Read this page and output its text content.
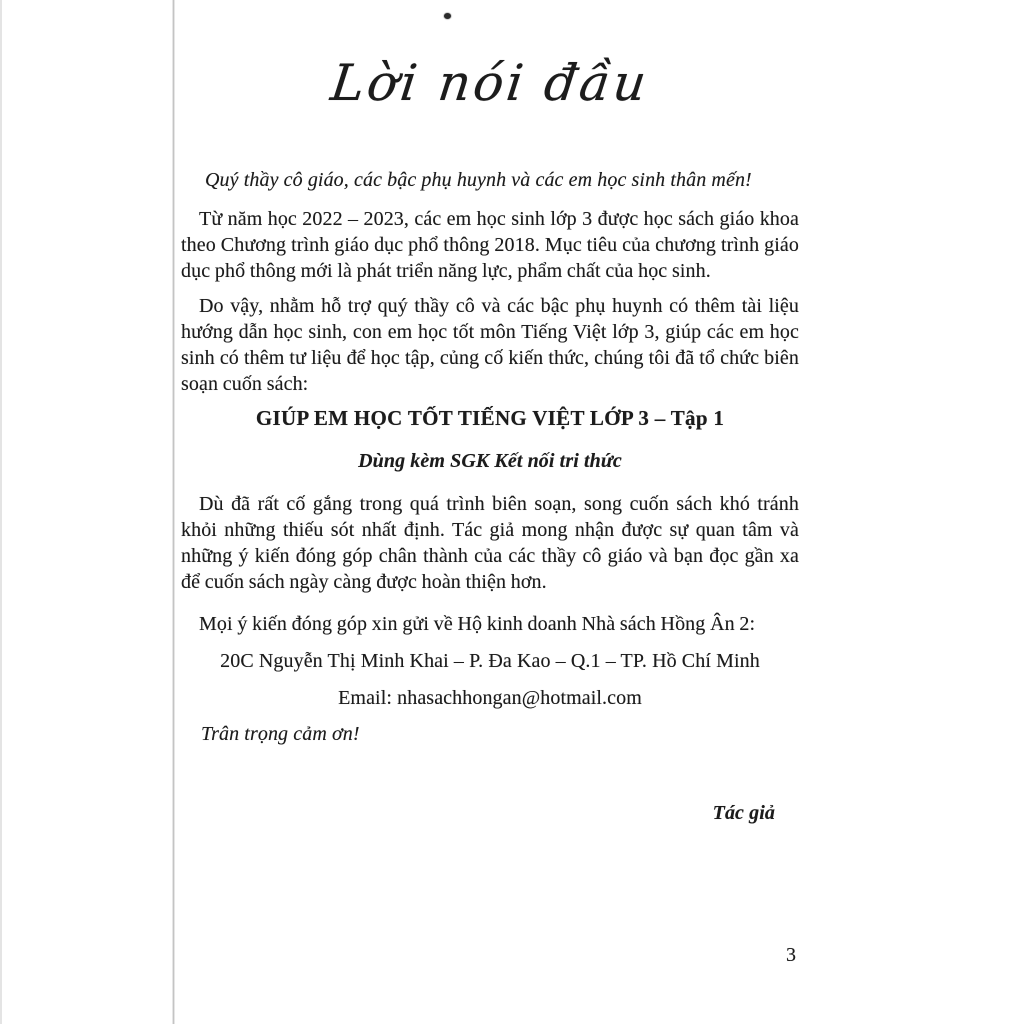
Lời nói đầu
Quý thầy cô giáo, các bậc phụ huynh và các em học sinh thân mến!
Từ năm học 2022 – 2023, các em học sinh lớp 3 được học sách giáo khoa theo Chương trình giáo dục phổ thông 2018. Mục tiêu của chương trình giáo dục phổ thông mới là phát triển năng lực, phẩm chất của học sinh.
Do vậy, nhằm hỗ trợ quý thầy cô và các bậc phụ huynh có thêm tài liệu hướng dẫn học sinh, con em học tốt môn Tiếng Việt lớp 3, giúp các em học sinh có thêm tư liệu để học tập, củng cố kiến thức, chúng tôi đã tổ chức biên soạn cuốn sách:
GIÚP EM HỌC TỐT TIẾNG VIỆT LỚP 3 – Tập 1
Dùng kèm SGK Kết nối tri thức
Dù đã rất cố gắng trong quá trình biên soạn, song cuốn sách khó tránh khỏi những thiếu sót nhất định. Tác giả mong nhận được sự quan tâm và những ý kiến đóng góp chân thành của các thầy cô giáo và bạn đọc gần xa để cuốn sách ngày càng được hoàn thiện hơn.
Mọi ý kiến đóng góp xin gửi về Hộ kinh doanh Nhà sách Hồng Ân 2:
20C Nguyễn Thị Minh Khai – P. Đa Kao – Q.1 – TP. Hồ Chí Minh
Email: nhasachhongan@hotmail.com
Trân trọng cảm ơn!
Tác giả
3
